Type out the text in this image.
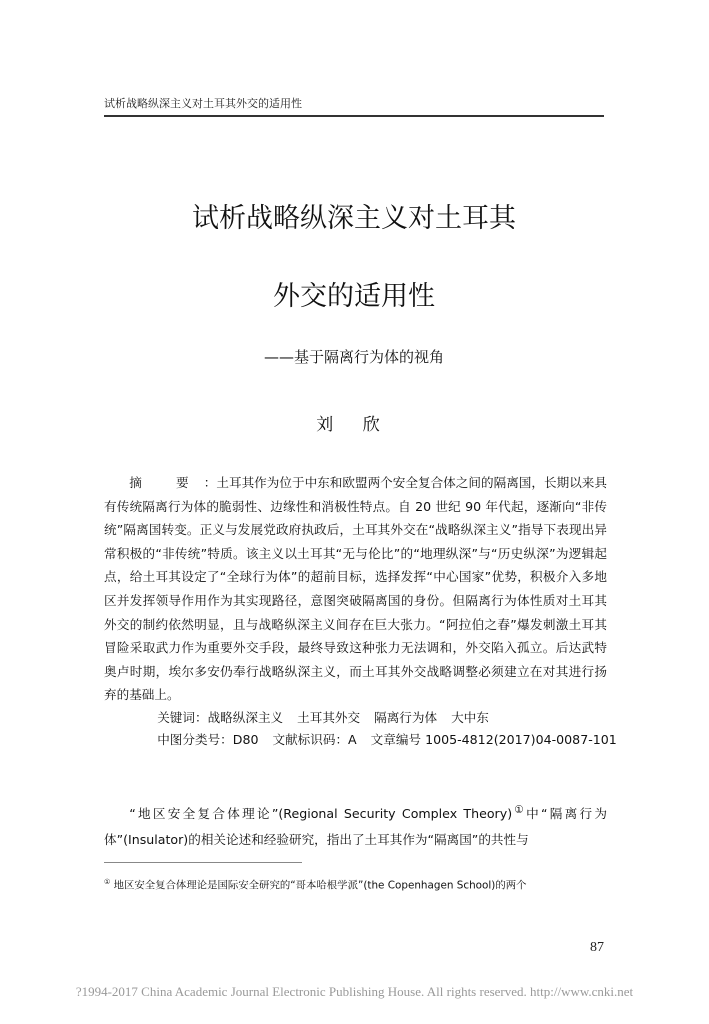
试析战略纵深主义对土耳其外交的适用性
试析战略纵深主义对土耳其
外交的适用性
——基于隔离行为体的视角
刘 欣

摘 要：土耳其作为位于中东和欧盟两个安全复合体之间的隔离国，长期以来具有传统隔离行为体的脆弱性、边缘性和消极性特点。自 20 世纪 90 年代起，逐渐向“非传统”隔离国转变。正义与发展党政府执政后，土耳其外交在“战略纵深主义”指导下表现出异常积极的“非传统”特质。该主义以土耳其“无与伦比”的“地理纵深”与“历史纵深”为逻辑起点，给土耳其设定了“全球行为体”的超前目标，选择发挥“中心国家”优势，积极介入多地区并发挥领导作用作为其实现路径，意图突破隔离国的身份。但隔离行为体性质对土耳其外交的制约依然明显，且与战略纵深主义间存在巨大张力。“阿拉伯之春”爆发刺激土耳其冒险采取武力作为重要外交手段，最终导致这种张力无法调和，外交陷入孤立。后达武特奥卢时期，埃尔多安仍奉行战略纵深主义，而土耳其外交战略调整必须建立在对其进行扬弃的基础上。

关键词：战略纵深主义 土耳其外交 隔离行为体 大中东

中图分类号：D80 文献标识码：A 文章编号 1005-4812(2017)04-0087-101

“地区安全复合体理论”(Regional Security Complex Theory)①中“隔离行为体”(Insulator)的相关论述和经验研究，指出了土耳其作为“隔离国”的共性与

① 地区安全复合体理论是国际安全研究的“哥本哈根学派”(the Copenhagen School)的两个
87
?1994-2017 China Academic Journal Electronic Publishing House. All rights reserved. http://www.cnki.net
